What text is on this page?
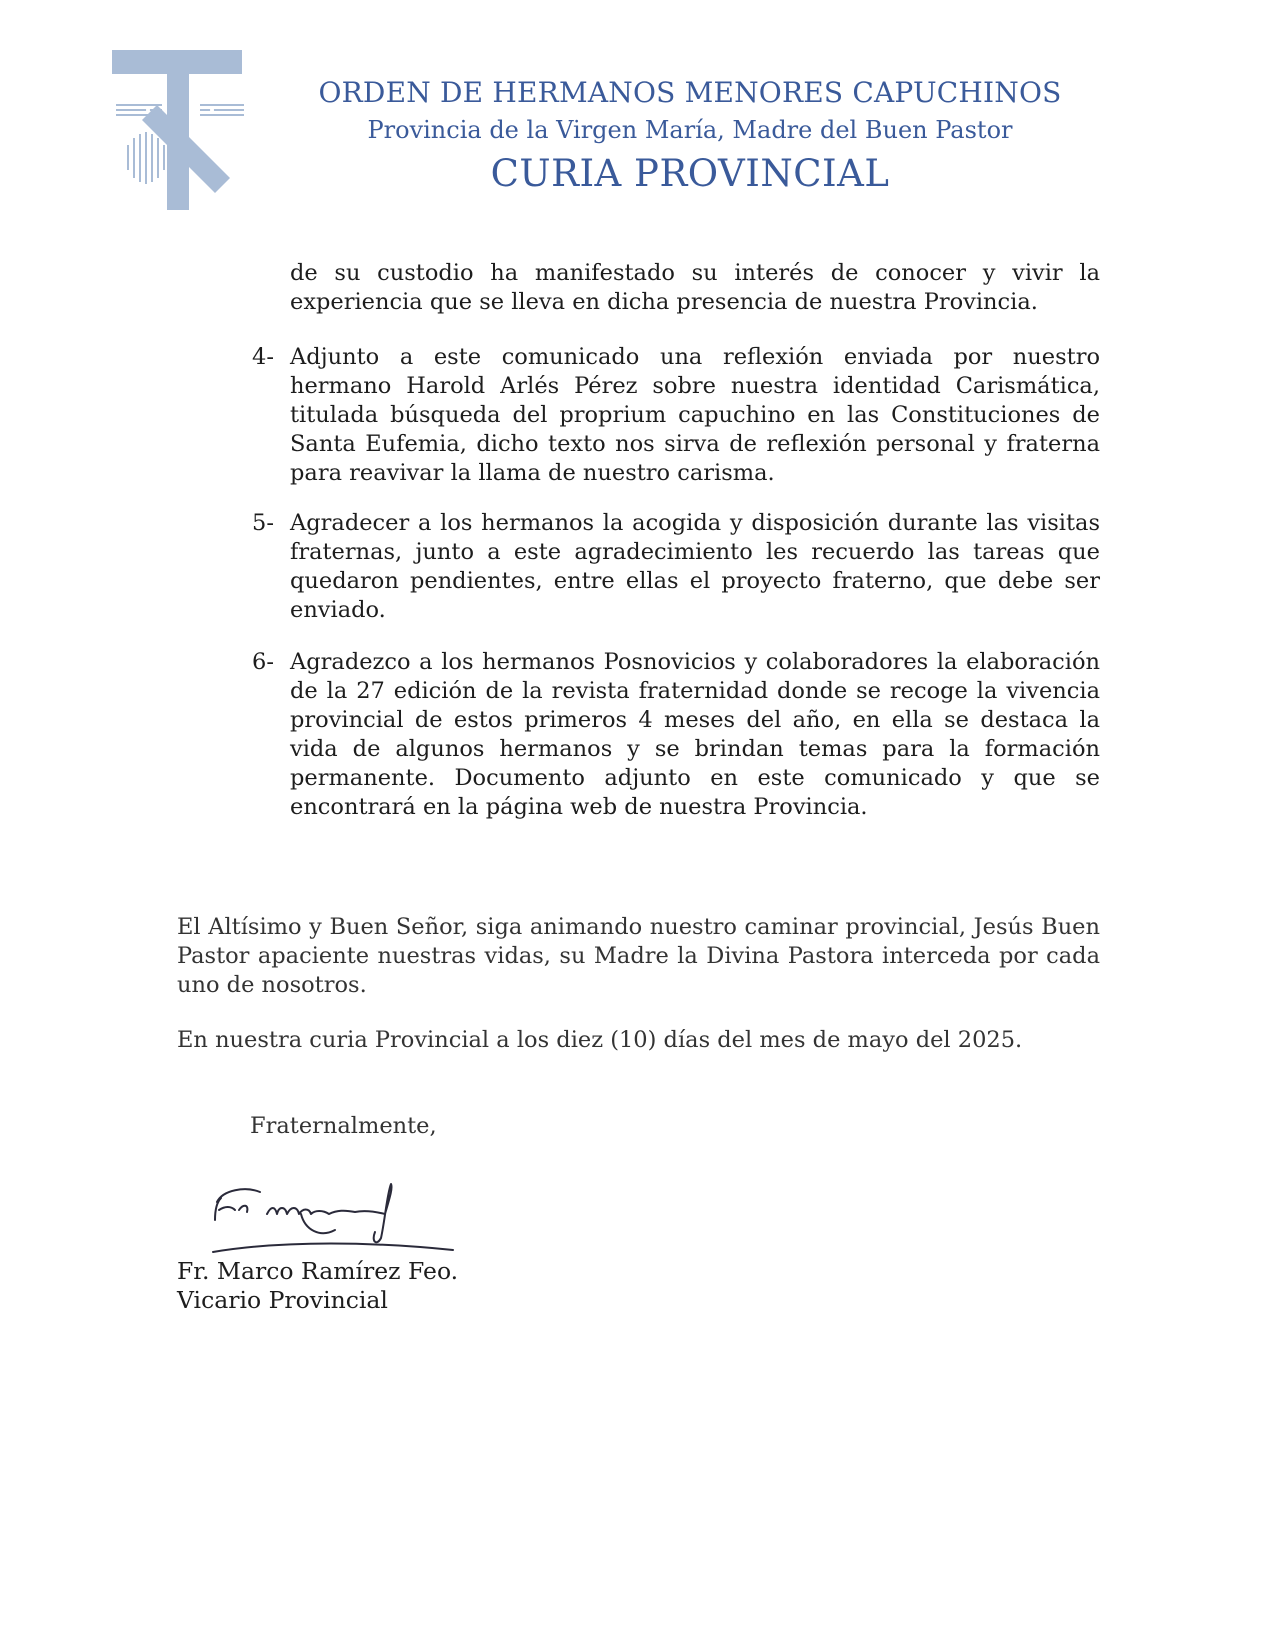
ORDEN DE HERMANOS MENORES CAPUCHINOS
Provincia de la Virgen María, Madre del Buen Pastor
CURIA PROVINCIAL
de su custodio ha manifestado su interés de conocer y vivir la experiencia que se lleva en dicha presencia de nuestra Provincia.
4- Adjunto a este comunicado una reflexión enviada por nuestro hermano Harold Arlés Pérez sobre nuestra identidad Carismática, titulada búsqueda del proprium capuchino en las Constituciones de Santa Eufemia, dicho texto nos sirva de reflexión personal y fraterna para reavivar la llama de nuestro carisma.
5- Agradecer a los hermanos la acogida y disposición durante las visitas fraternas, junto a este agradecimiento les recuerdo las tareas que quedaron pendientes, entre ellas el proyecto fraterno, que debe ser enviado.
6- Agradezco a los hermanos Posnovicios y colaboradores la elaboración de la 27 edición de la revista fraternidad donde se recoge la vivencia provincial de estos primeros 4 meses del año, en ella se destaca la vida de algunos hermanos y se brindan temas para la formación permanente. Documento adjunto en este comunicado y que se encontrará en la página web de nuestra Provincia.
El Altísimo y Buen Señor, siga animando nuestro caminar provincial, Jesús Buen Pastor apaciente nuestras vidas, su Madre la Divina Pastora interceda por cada uno de nosotros.
En nuestra curia Provincial a los diez (10) días del mes de mayo del 2025.
Fraternalmente,
Fr. Marco Ramírez Feo.
Vicario Provincial
